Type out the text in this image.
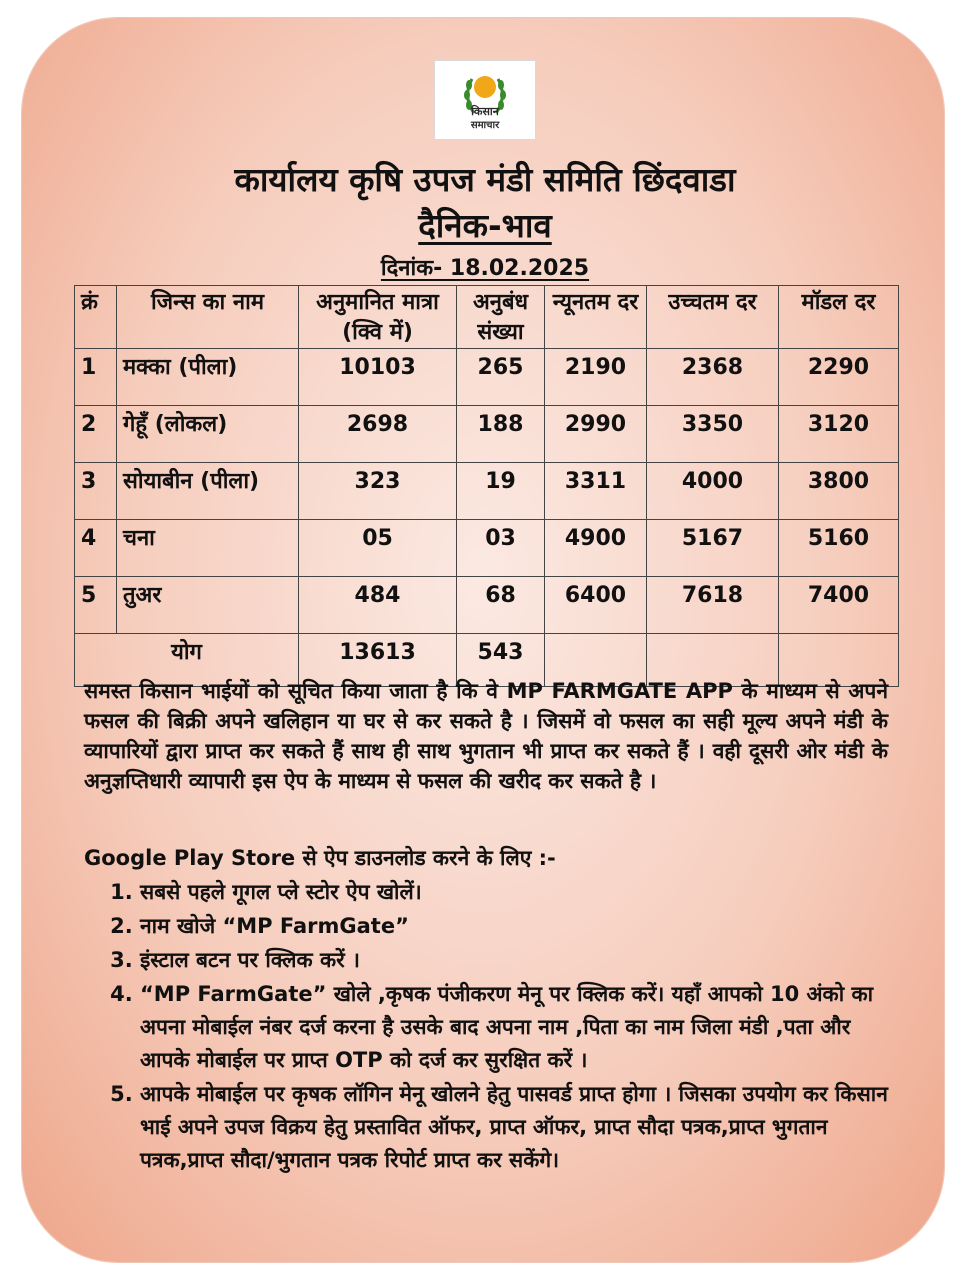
किसान
समाचार
कार्यालय कृषि उपज मंडी समिति छिंदवाडा
दैनिक-भाव
दिनांक- 18.02.2025
क्रं	जिन्स का नाम	अनुमानित मात्रा (क्वि में)	अनुबंध संख्या	न्यूनतम दर	उच्चतम दर	मॉडल दर
1	मक्का (पीला)	10103	265	2190	2368	2290
2	गेहूँ (लोकल)	2698	188	2990	3350	3120
3	सोयाबीन (पीला)	323	19	3311	4000	3800
4	चना	05	03	4900	5167	5160
5	तुअर	484	68	6400	7618	7400
योग		13613	543			
समस्त किसान भाईयों को सूचित किया जाता है कि वे MP FARMGATE APP के माध्यम से अपने फसल की बिक्री अपने खलिहान या घर से कर सकते है । जिसमें वो फसल का सही मूल्य अपने मंडी के व्यापारियों द्वारा प्राप्त कर सकते हैं साथ ही साथ भुगतान भी प्राप्त कर सकते हैं । वही दूसरी ओर मंडी के अनुज्ञप्तिधारी व्यापारी इस ऐप के माध्यम से फसल की खरीद कर सकते है ।
Google Play Store से ऐप डाउनलोड करने के लिए :-
1. सबसे पहले गूगल प्ले स्टोर ऐप खोलें।
2. नाम खोजे “MP FarmGate”
3. इंस्टाल बटन पर क्लिक करें ।
4. “MP FarmGate” खोले ,कृषक पंजीकरण मेनू पर क्लिक करें। यहाँ आपको 10 अंको का अपना मोबाईल नंबर दर्ज करना है उसके बाद अपना नाम ,पिता का नाम जिला मंडी ,पता और आपके मोबाईल पर प्राप्त OTP को दर्ज कर सुरक्षित करें ।
5. आपके मोबाईल पर कृषक लॉगिन मेनू खोलने हेतु पासवर्ड प्राप्त होगा । जिसका उपयोग कर किसान भाई अपने उपज विक्रय हेतु प्रस्तावित ऑफर, प्राप्त ऑफर, प्राप्त सौदा पत्रक,प्राप्त भुगतान पत्रक,प्राप्त सौदा/भुगतान पत्रक रिपोर्ट प्राप्त कर सकेंगे।
